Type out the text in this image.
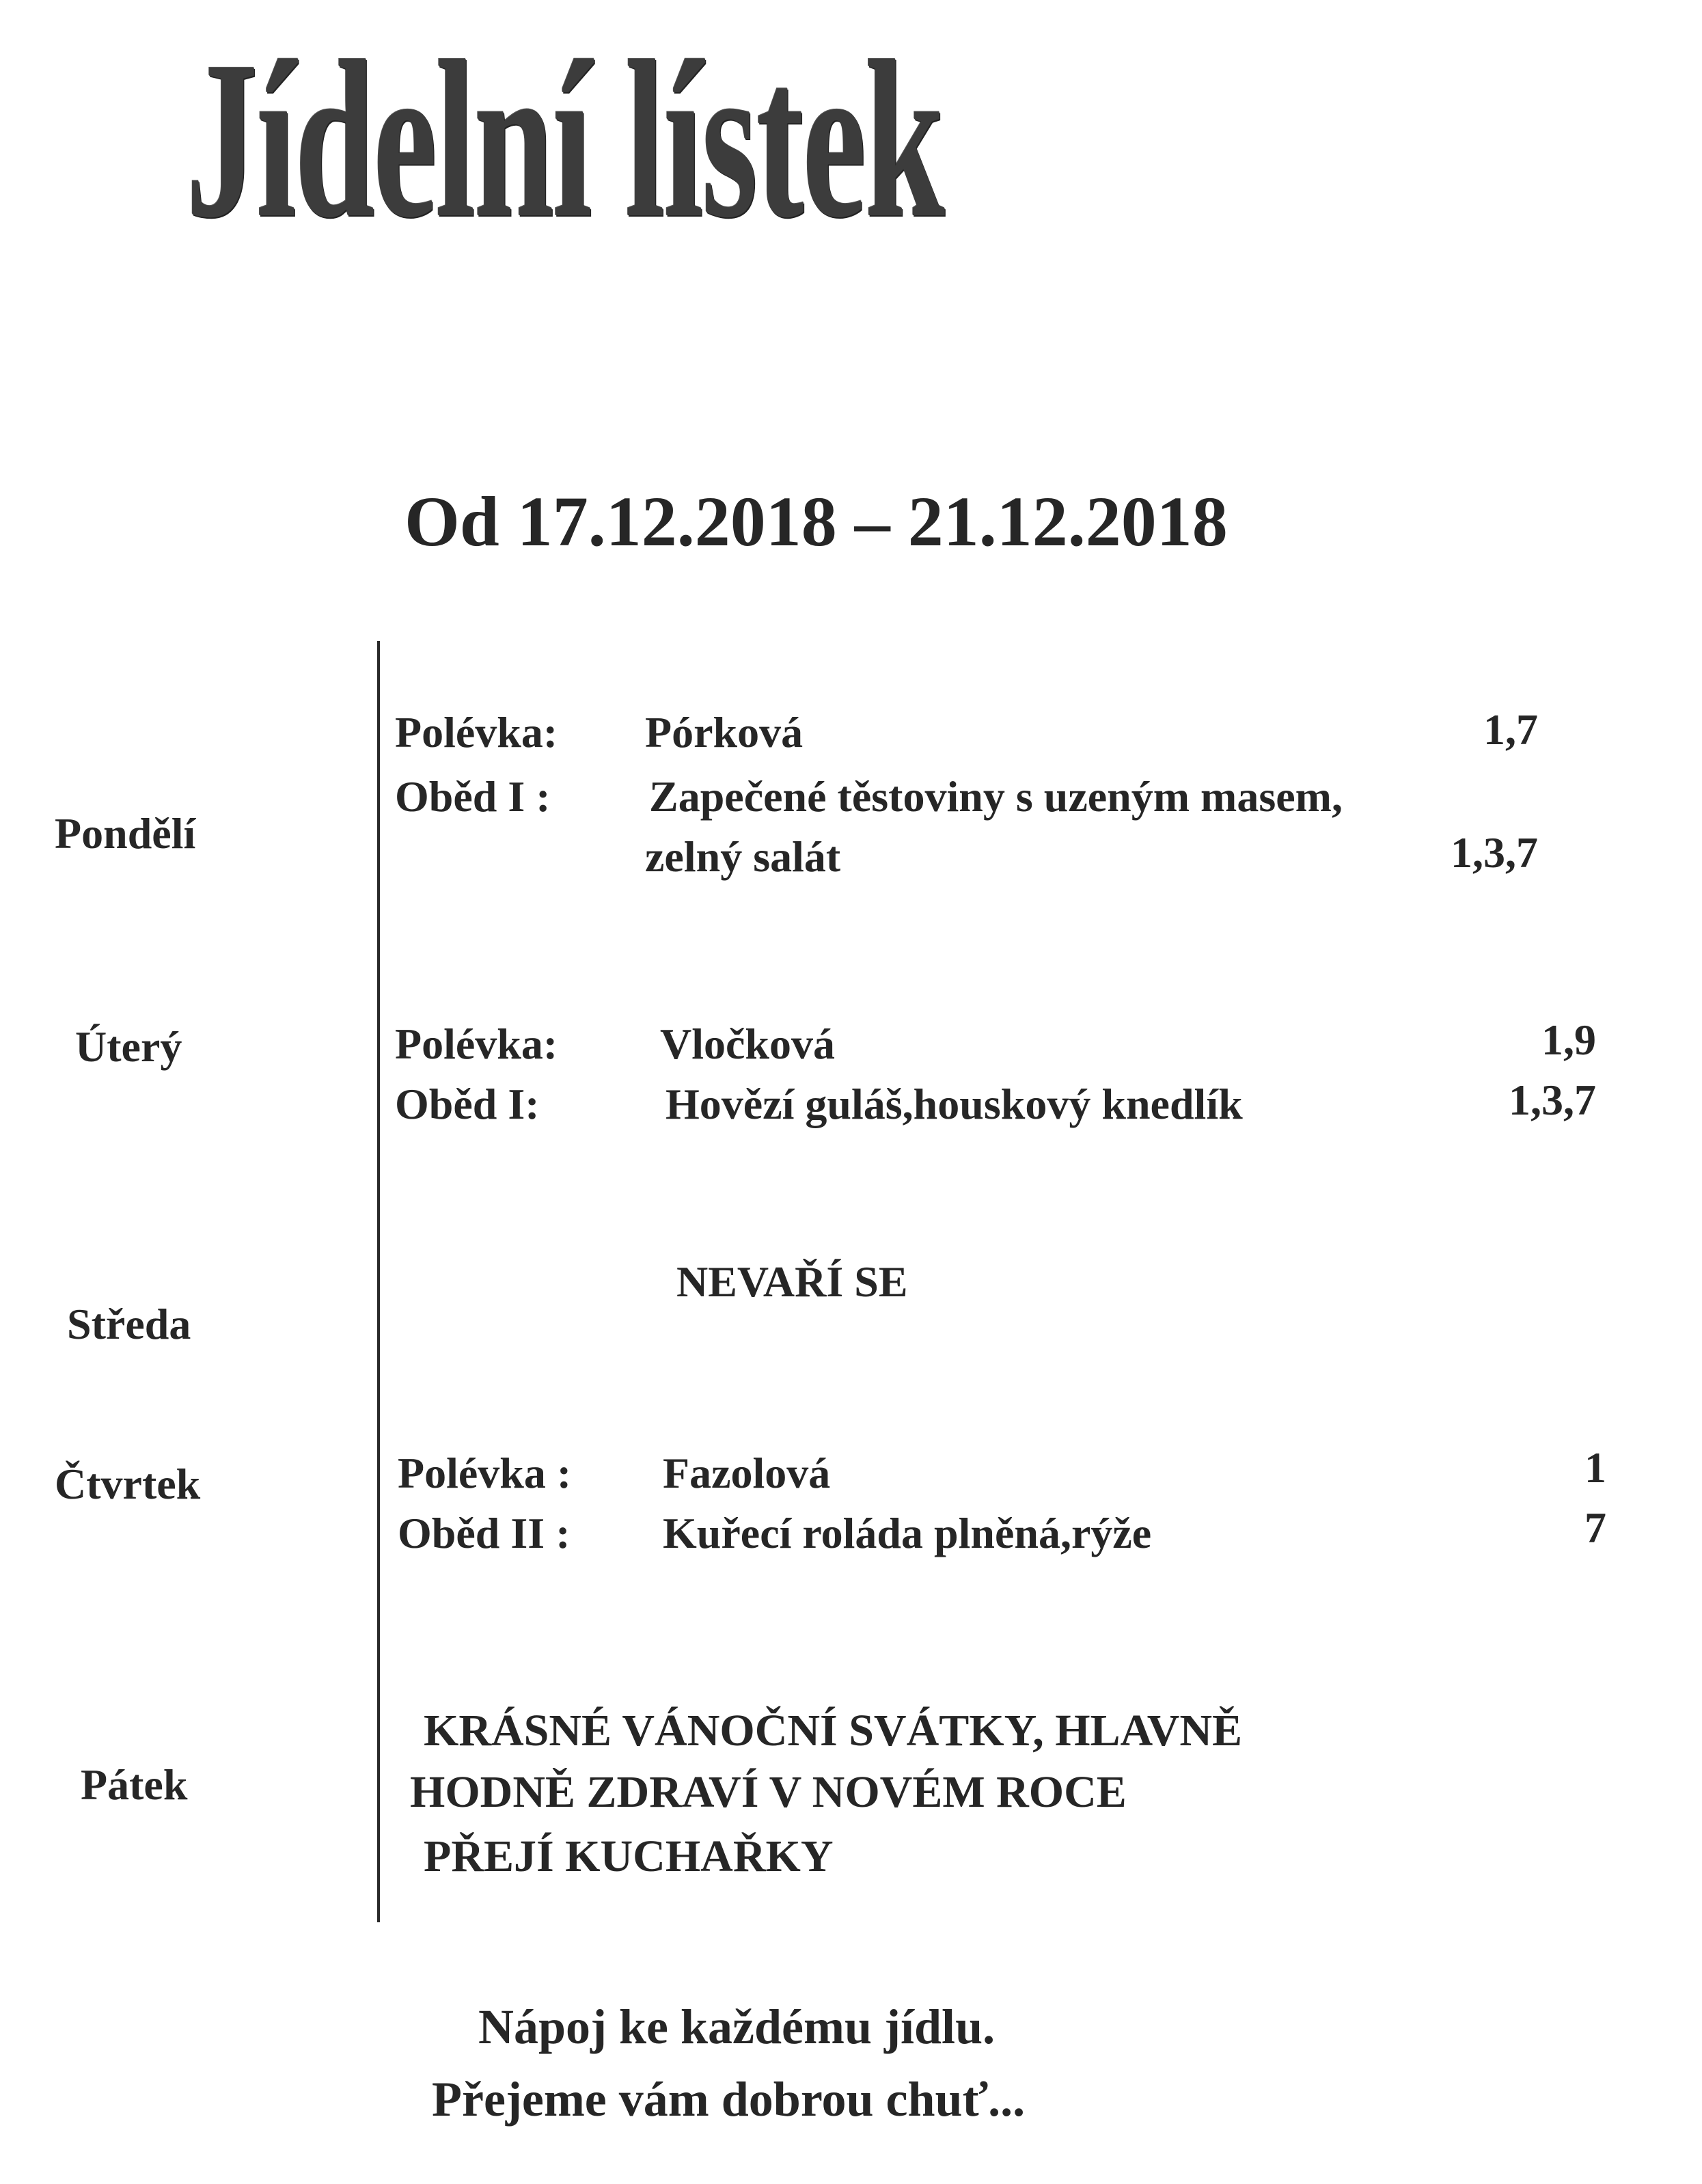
Jídelní lístek
Od 17.12.2018 – 21.12.2018
Pondělí
Polévka: Pórková	1,7
Oběd I : Zapečené těstoviny s uzeným masem,
zelný salát	1,3,7
Úterý	Polévka: Vločková	1,9
Oběd I:	Hovězí guláš,houskový knedlík	1,3,7
Středa
NEVAŘÍ SE
Čtvrtek	Polévka : Fazolová	1
Oběd II : Kuřecí roláda plněná,rýže	7
Pátek
KRÁSNÉ VÁNOČNÍ SVÁTKY, HLAVNĚ
HODNĚ ZDRAVÍ V NOVÉM ROCE
PŘEJÍ KUCHAŘKY
Nápoj ke každému jídlu.
Přejeme vám dobrou chuť...
